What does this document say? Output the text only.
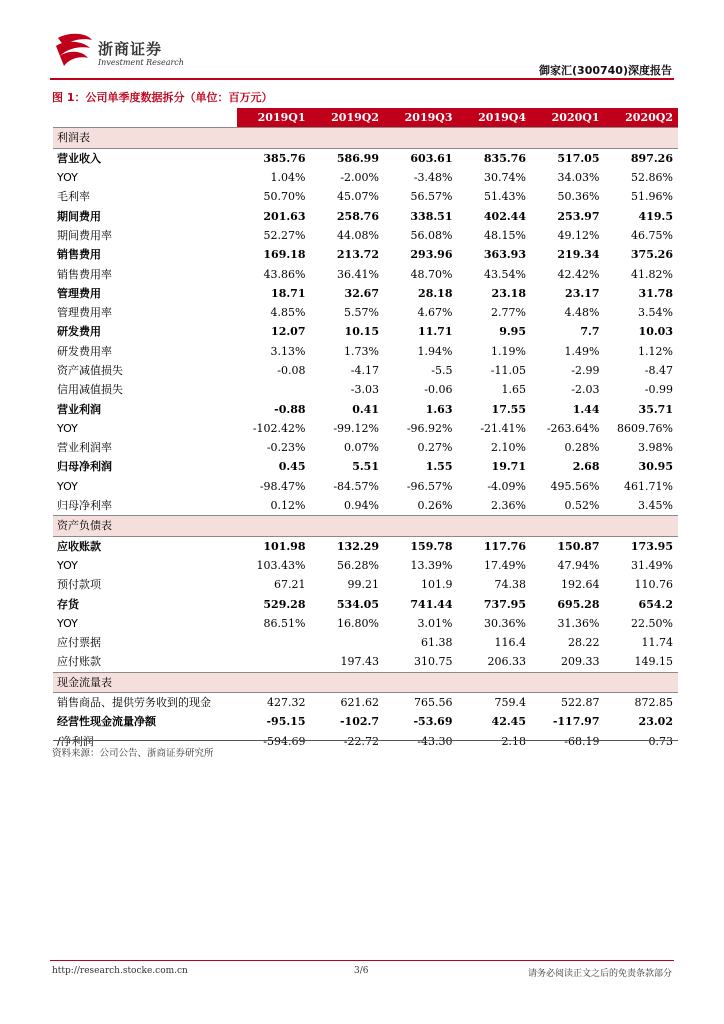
浙商证券
Investment Research
御家汇(300740)深度报告
图 1：公司单季度数据拆分（单位：百万元）
	2019Q1	2019Q2	2019Q3	2019Q4	2020Q1	2020Q2
利润表						
营业收入	385.76	586.99	603.61	835.76	517.05	897.26
YOY	1.04%	-2.00%	-3.48%	30.74%	34.03%	52.86%
毛利率	50.70%	45.07%	56.57%	51.43%	50.36%	51.96%
期间费用	201.63	258.76	338.51	402.44	253.97	419.5
期间费用率	52.27%	44.08%	56.08%	48.15%	49.12%	46.75%
销售费用	169.18	213.72	293.96	363.93	219.34	375.26
销售费用率	43.86%	36.41%	48.70%	43.54%	42.42%	41.82%
管理费用	18.71	32.67	28.18	23.18	23.17	31.78
管理费用率	4.85%	5.57%	4.67%	2.77%	4.48%	3.54%
研发费用	12.07	10.15	11.71	9.95	7.7	10.03
研发费用率	3.13%	1.73%	1.94%	1.19%	1.49%	1.12%
资产减值损失	-0.08	-4.17	-5.5	-11.05	-2.99	-8.47
信用减值损失		-3.03	-0.06	1.65	-2.03	-0.99
营业利润	-0.88	0.41	1.63	17.55	1.44	35.71
YOY	-102.42%	-99.12%	-96.92%	-21.41%	-263.64%	8609.76%
营业利润率	-0.23%	0.07%	0.27%	2.10%	0.28%	3.98%
归母净利润	0.45	5.51	1.55	19.71	2.68	30.95
YOY	-98.47%	-84.57%	-96.57%	-4.09%	495.56%	461.71%
归母净利率	0.12%	0.94%	0.26%	2.36%	0.52%	3.45%
资产负债表						
应收账款	101.98	132.29	159.78	117.76	150.87	173.95
YOY	103.43%	56.28%	13.39%	17.49%	47.94%	31.49%
预付款项	67.21	99.21	101.9	74.38	192.64	110.76
存货	529.28	534.05	741.44	737.95	695.28	654.2
YOY	86.51%	16.80%	3.01%	30.36%	31.36%	22.50%
应付票据			61.38	116.4	28.22	11.74
应付账款		197.43	310.75	206.33	209.33	149.15
现金流量表						
销售商品、提供劳务收到的现金	427.32	621.62	765.56	759.4	522.87	872.85
经营性现金流量净额	-95.15	-102.7	-53.69	42.45	-117.97	23.02
/净利润	-594.69	-22.72	-43.30	2.18	-68.19	0.73
资料来源：公司公告、浙商证券研究所
http://research.stocke.com.cn	3/6	请务必阅读正文之后的免责条款部分
